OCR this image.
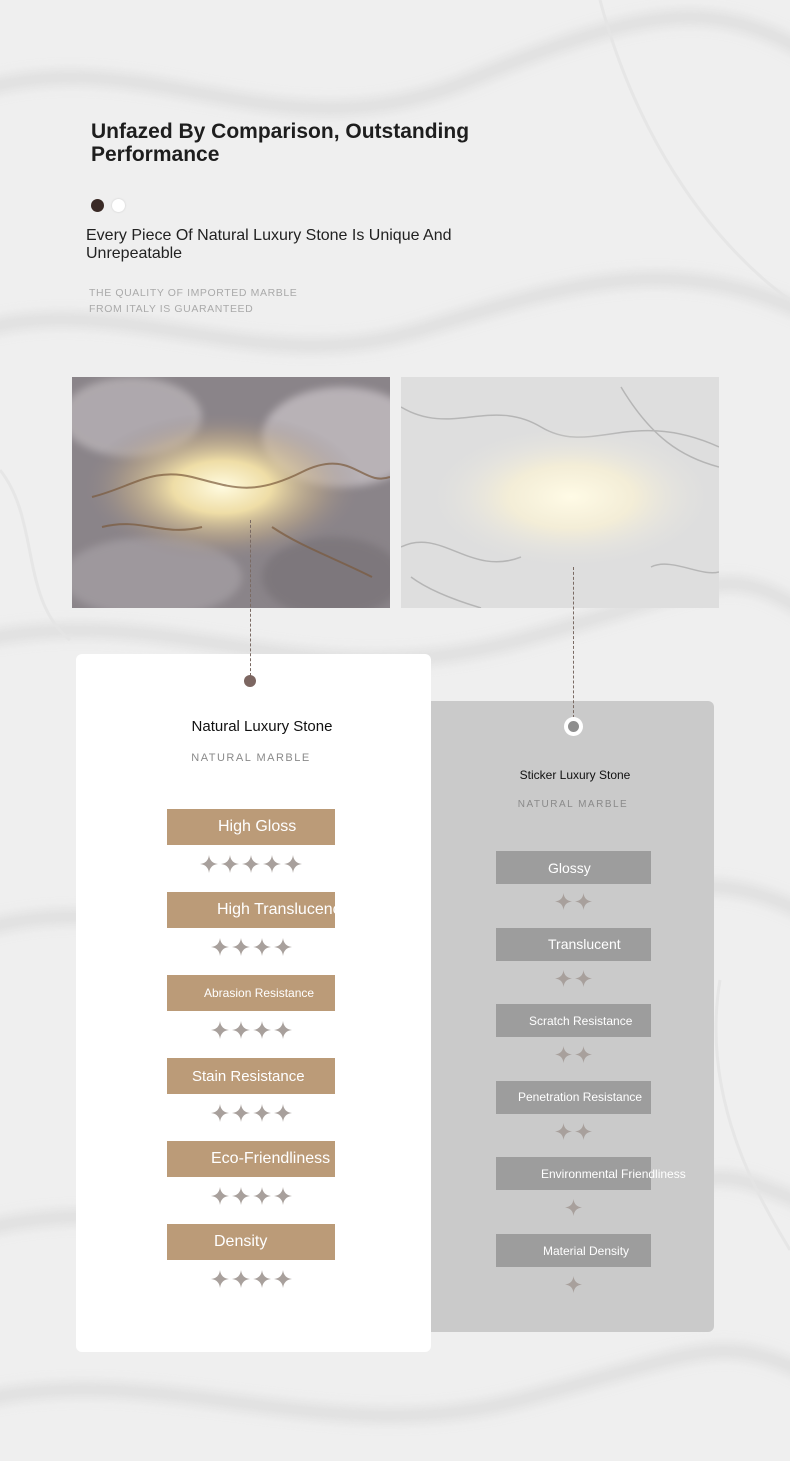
Unfazed By Comparison, Outstanding Performance
Every Piece Of Natural Luxury Stone Is Unique And Unrepeatable
THE QUALITY OF IMPORTED MARBLE FROM ITALY IS GUARANTEED
Natural Luxury Stone
NATURAL MARBLE
High Gloss
High Translucency
Abrasion Resistance
Stain Resistance
Eco-Friendliness
Density
Sticker Luxury Stone
NATURAL MARBLE
Glossy
Translucent
Scratch Resistance
Penetration Resistance
Environmental Friendliness
Material Density
